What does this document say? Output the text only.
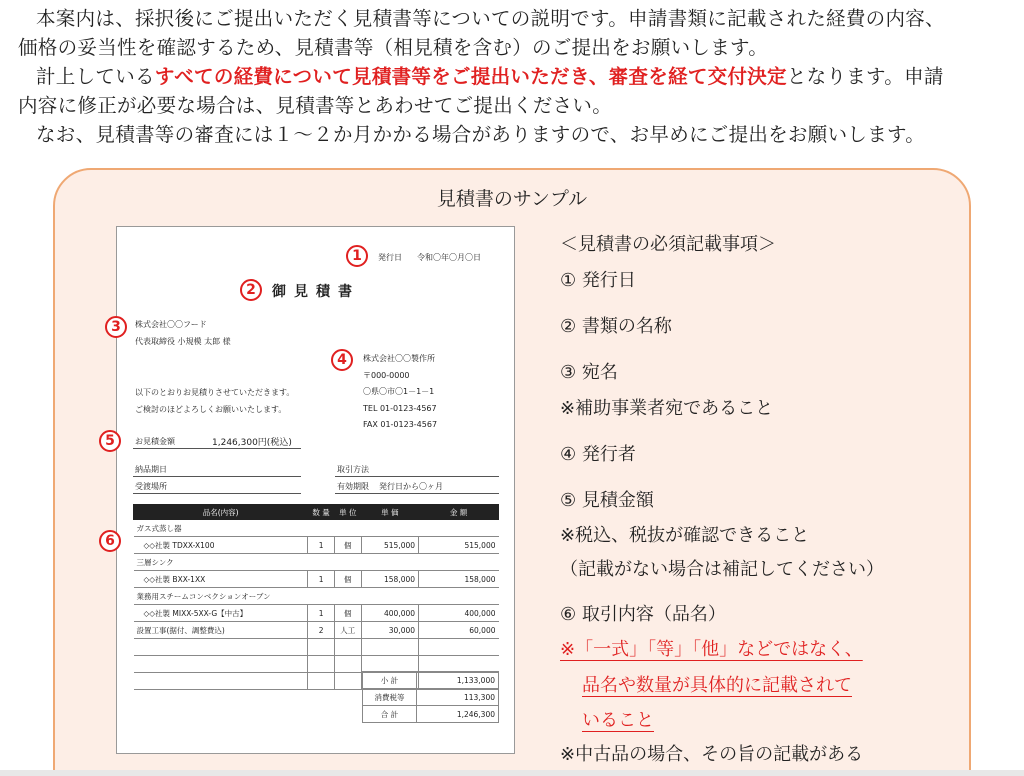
本案内は、採択後にご提出いただく見積書等についての説明です。申請書類に記載された経費の内容、

価格の妥当性を確認するため、見積書等（相見積を含む）のご提出をお願いします。

計上しているすべての経費について見積書等をご提出いただき、審査を経て交付決定となります。申請

内容に修正が必要な場合は、見積書等とあわせてご提出ください。

なお、見積書等の審査には１～２か月かかる場合がありますので、お早めにご提出をお願いします。

見積書のサンプル
1	発行日 令和〇年〇月〇日
2	御見積書
3	株式会社〇〇フード
代表取締役 小規模 太郎 様
4	株式会社〇〇製作所
〒000-0000
〇県〇市〇1－1－1
TEL 01-0123-4567
FAX 01-0123-4567
以下のとおりお見積りさせていただきます。
ご検討のほどよろしくお願いいたします。
5	お見積金額	1,246,300円(税込)
納品期日
受渡場所
取引方法
有効期限 発行日から〇ヶ月
6
品名(内容)	数 量	単 位	単 価	金 額
ガス式蒸し器				
◇◇社製 TDXX-X100	1	個	515,000	515,000
三層シンク				
◇◇社製 BXX-1XX	1	個	158,000	158,000
業務用スチームコンベクションオーブン				
◇◇社製 MIXX-5XX-G【中古】	1	個	400,000	400,000
設置工事(据付、調整費込)	2	人工	30,000	60,000

小 計	1,133,000
消費税等	113,300
合 計	1,246,300
＜見積書の必須記載事項＞
① 発行日
② 書類の名称
③ 宛名
※補助事業者宛であること
④ 発行者
⑤ 見積金額
※税込、税抜が確認できること
（記載がない場合は補記してください）
⑥ 取引内容（品名）
※「一式」「等」「他」などではなく、
品名や数量が具体的に記載されて
いること
※中古品の場合、その旨の記載がある
